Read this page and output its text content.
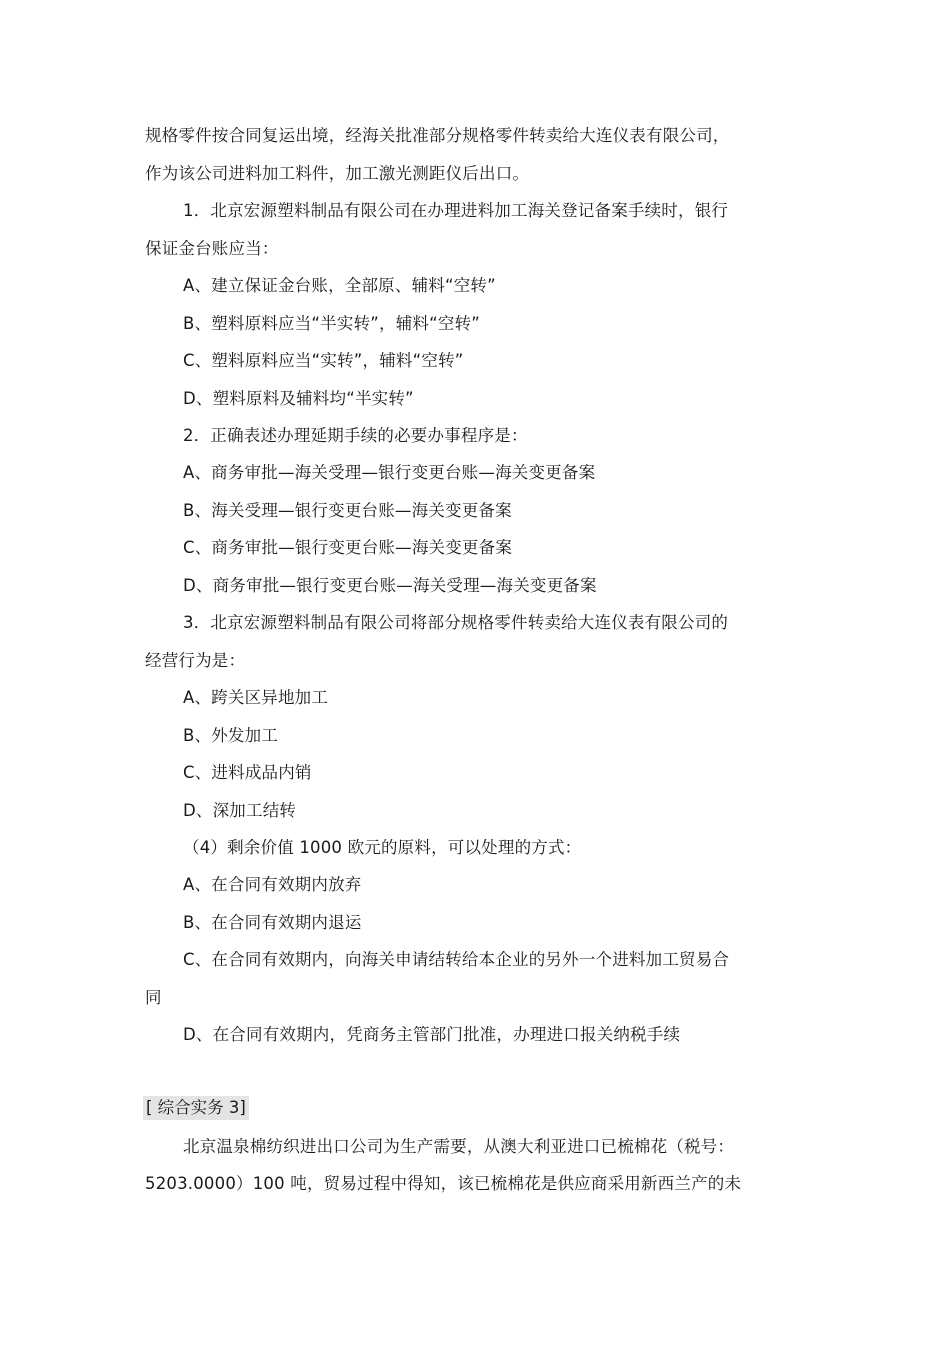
规格零件按合同复运出境，经海关批准部分规格零件转卖给大连仪表有限公司，
作为该公司进料加工料件，加工激光测距仪后出口。
1．北京宏源塑料制品有限公司在办理进料加工海关登记备案手续时，银行
保证金台账应当：
A、建立保证金台账，全部原、辅料“空转”
B、塑料原料应当“半实转”，辅料“空转”
C、塑料原料应当“实转”，辅料“空转”
D、塑料原料及辅料均“半实转”
2．正确表述办理延期手续的必要办事程序是：
A、商务审批—海关受理—银行变更台账—海关变更备案
B、海关受理—银行变更台账—海关变更备案
C、商务审批—银行变更台账—海关变更备案
D、商务审批—银行变更台账—海关受理—海关变更备案
3．北京宏源塑料制品有限公司将部分规格零件转卖给大连仪表有限公司的
经营行为是：
A、跨关区异地加工
B、外发加工
C、进料成品内销
D、深加工结转
（4）剩余价值 1000 欧元的原料，可以处理的方式：
A、在合同有效期内放弃
B、在合同有效期内退运
C、在合同有效期内，向海关申请结转给本企业的另外一个进料加工贸易合
同
D、在合同有效期内，凭商务主管部门批准，办理进口报关纳税手续
[ 综合实务 3]
北京温泉棉纺织进出口公司为生产需要，从澳大利亚进口已梳棉花（税号：
5203.0000）100 吨，贸易过程中得知，该已梳棉花是供应商采用新西兰产的未
